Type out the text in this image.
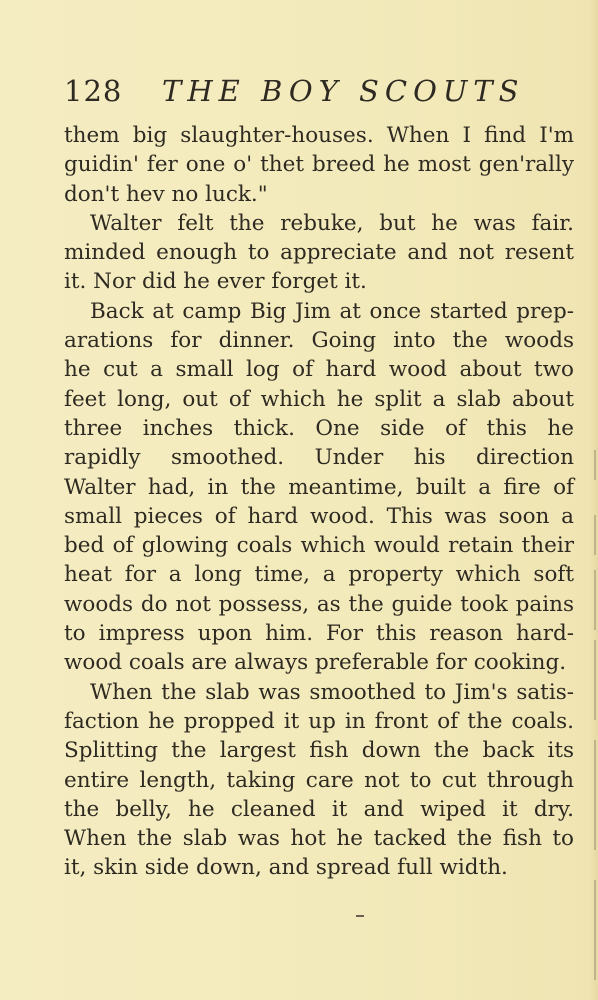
128 THE BOY SCOUTS
them big slaughter-houses. When I find I'm
guidin' fer one o' thet breed he most gen'rally
don't hev no luck."
Walter felt the rebuke, but he was fair.
minded enough to appreciate and not resent
it. Nor did he ever forget it.
Back at camp Big Jim at once started prep-
arations for dinner. Going into the woods
he cut a small log of hard wood about two
feet long, out of which he split a slab about
three inches thick. One side of this he
rapidly smoothed. Under his direction
Walter had, in the meantime, built a fire of
small pieces of hard wood. This was soon a
bed of glowing coals which would retain their
heat for a long time, a property which soft
woods do not possess, as the guide took pains
to impress upon him. For this reason hard-
wood coals are always preferable for cooking.
When the slab was smoothed to Jim's satis-
faction he propped it up in front of the coals.
Splitting the largest fish down the back its
entire length, taking care not to cut through
the belly, he cleaned it and wiped it dry.
When the slab was hot he tacked the fish to
it, skin side down, and spread full width.
